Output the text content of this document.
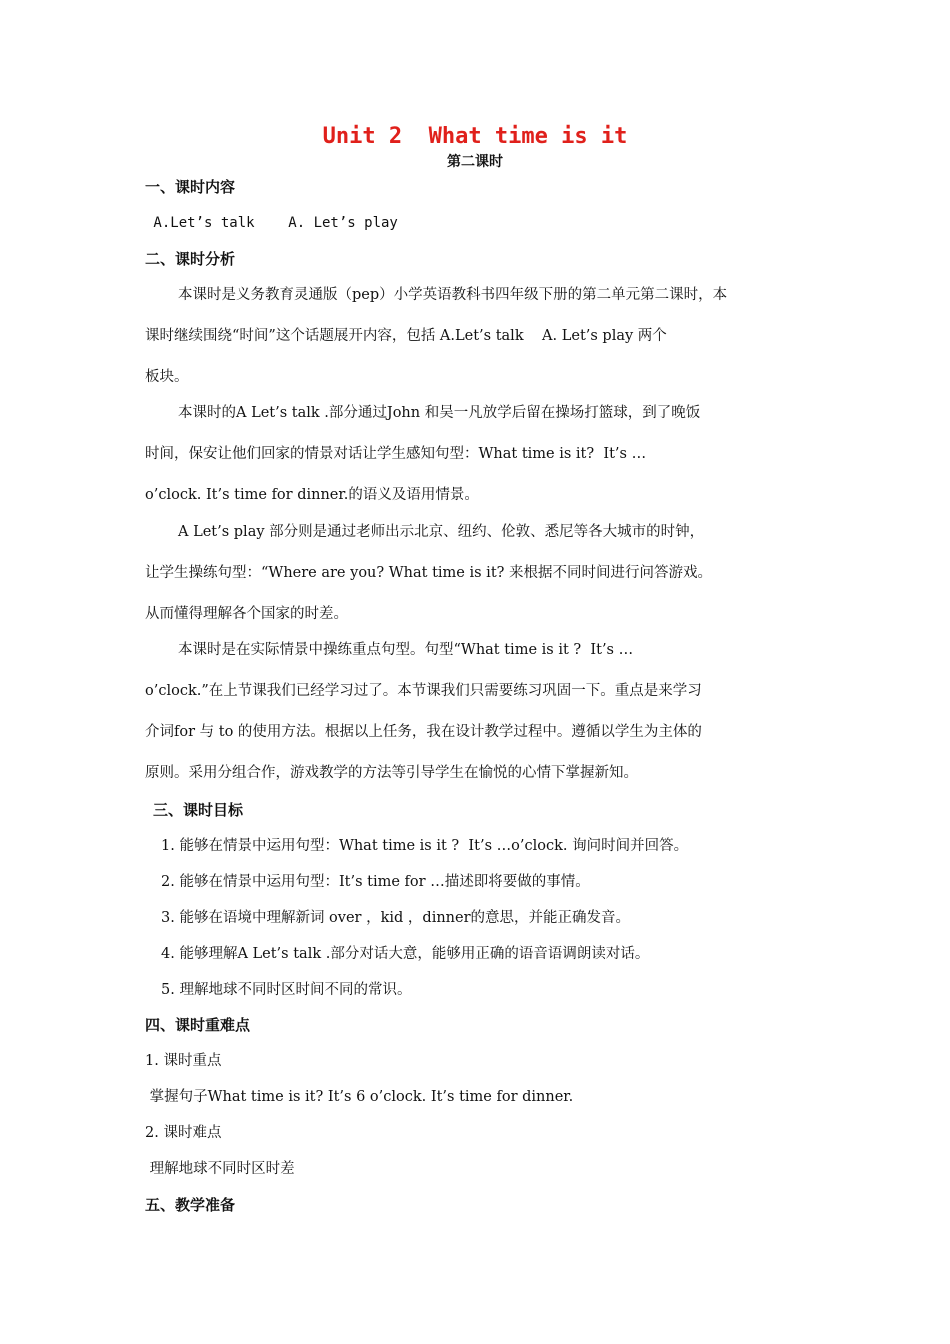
Unit 2  What time is it
第二课时
一、课时内容
A.Let’s talk    A. Let’s play
二、课时分析
本课时是义务教育灵通版（pep）小学英语教科书四年级下册的第二单元第二课时，本
课时继续围绕“时间”这个话题展开内容，包括 A.Let’s talk    A. Let’s play 两个
板块。
本课时的A Let’s talk .部分通过John 和吴一凡放学后留在操场打篮球，到了晚饭
时间，保安让他们回家的情景对话让学生感知句型：What time is it?  It’s …
o’clock. It’s time for dinner.的语义及语用情景。
A Let’s play 部分则是通过老师出示北京、纽约、伦敦、悉尼等各大城市的时钟，
让学生操练句型：“Where are you? What time is it? 来根据不同时间进行问答游戏。
从而懂得理解各个国家的时差。
本课时是在实际情景中操练重点句型。句型“What time is it ?  It’s …
o’clock.”在上节课我们已经学习过了。本节课我们只需要练习巩固一下。重点是来学习
介词for 与 to 的使用方法。根据以上任务，我在设计教学过程中。遵循以学生为主体的
原则。采用分组合作，游戏教学的方法等引导学生在愉悦的心情下掌握新知。
三、课时目标
1. 能够在情景中运用句型：What time is it ?  It’s …o’clock. 询问时间并回答。
2. 能够在情景中运用句型：It’s time for …描述即将要做的事情。
3. 能够在语境中理解新词 over ，kid ，dinner的意思，并能正确发音。
4. 能够理解A Let’s talk .部分对话大意，能够用正确的语音语调朗读对话。
5. 理解地球不同时区时间不同的常识。
四、课时重难点
1. 课时重点
掌握句子What time is it? It’s 6 o’clock. It’s time for dinner.
2. 课时难点
理解地球不同时区时差
五、教学准备
